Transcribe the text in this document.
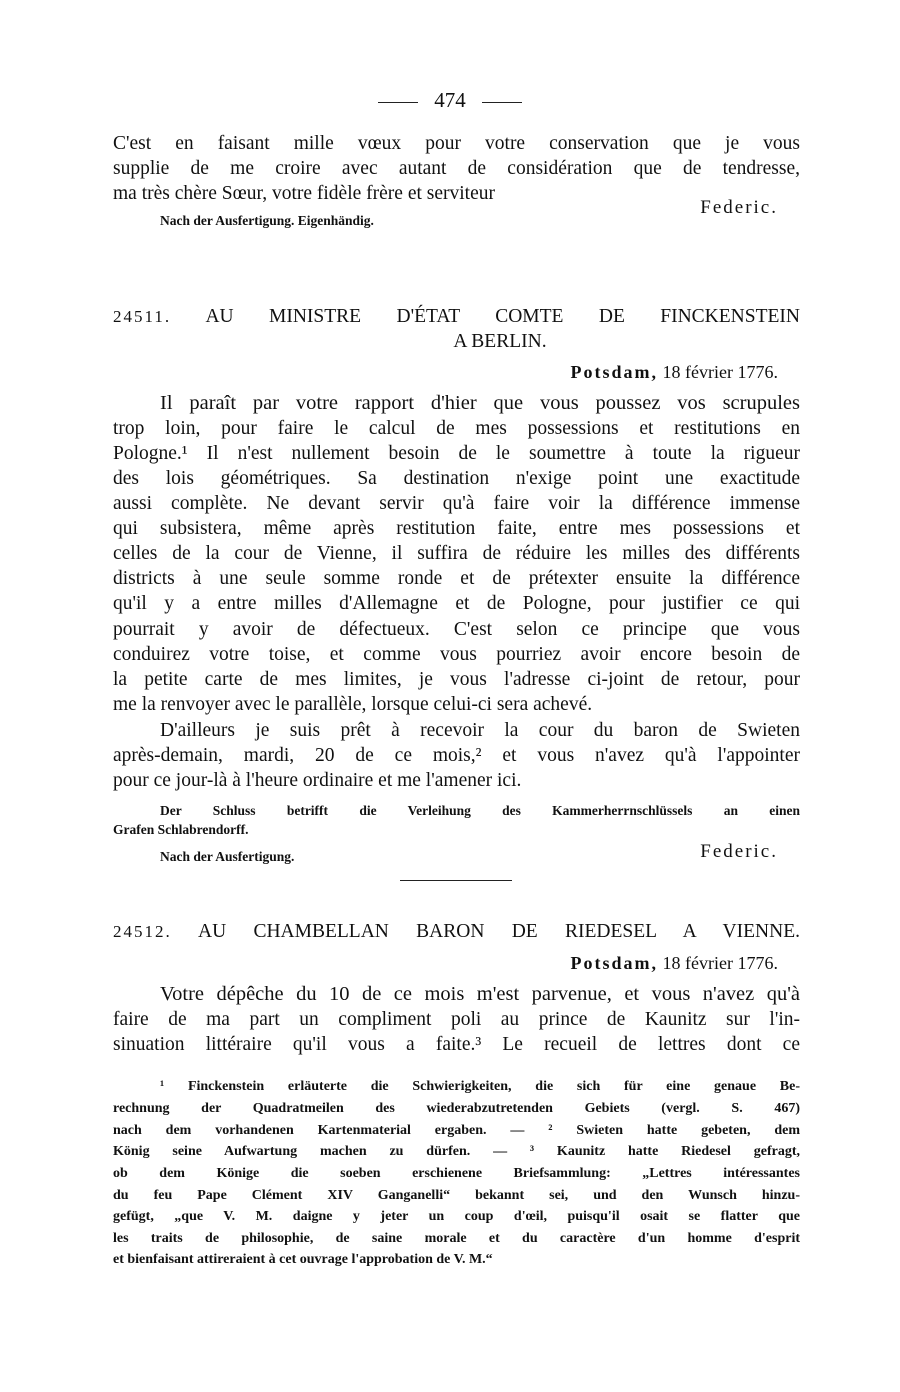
474
C'est en faisant mille vœux pour votre conservation que je vous
supplie de me croire avec autant de considération que de tendresse,
ma très chère Sœur, votre fidèle frère et serviteur
Federic.
Nach der Ausfertigung. Eigenhändig.
24511. AU MINISTRE D'ÉTAT COMTE DE FINCKENSTEIN
A BERLIN.
Potsdam, 18 février 1776.
Il paraît par votre rapport d'hier que vous poussez vos scrupules
trop loin, pour faire le calcul de mes possessions et restitutions en
Pologne.¹ Il n'est nullement besoin de le soumettre à toute la rigueur
des lois géométriques. Sa destination n'exige point une exactitude
aussi complète. Ne devant servir qu'à faire voir la différence immense
qui subsistera, même après restitution faite, entre mes possessions et
celles de la cour de Vienne, il suffira de réduire les milles des différents
districts à une seule somme ronde et de prétexter ensuite la différence
qu'il y a entre milles d'Allemagne et de Pologne, pour justifier ce qui
pourrait y avoir de défectueux. C'est selon ce principe que vous
conduirez votre toise, et comme vous pourriez avoir encore besoin de
la petite carte de mes limites, je vous l'adresse ci-joint de retour, pour
me la renvoyer avec le parallèle, lorsque celui-ci sera achevé.
D'ailleurs je suis prêt à recevoir la cour du baron de Swieten
après-demain, mardi, 20 de ce mois,² et vous n'avez qu'à l'appointer
pour ce jour-là à l'heure ordinaire et me l'amener ici.
Der Schluss betrifft die Verleihung des Kammerherrnschlüssels an einen
Grafen Schlabrendorff.
Nach der Ausfertigung.	Federic.
24512. AU CHAMBELLAN BARON DE RIEDESEL A VIENNE.
Potsdam, 18 février 1776.
Votre dépêche du 10 de ce mois m'est parvenue, et vous n'avez qu'à
faire de ma part un compliment poli au prince de Kaunitz sur l'in-
sinuation littéraire qu'il vous a faite.³ Le recueil de lettres dont ce
¹ Finckenstein erläuterte die Schwierigkeiten, die sich für eine genaue Be-
rechnung der Quadratmeilen des wiederabzutretenden Gebiets (vergl. S. 467)
nach dem vorhandenen Kartenmaterial ergaben. — ² Swieten hatte gebeten, dem
König seine Aufwartung machen zu dürfen. — ³ Kaunitz hatte Riedesel gefragt,
ob dem Könige die soeben erschienene Briefsammlung: „Lettres intéressantes
du feu Pape Clément XIV Ganganelli“ bekannt sei, und den Wunsch hinzu-
gefügt, „que V. M. daigne y jeter un coup d'œil, puisqu'il osait se flatter que
les traits de philosophie, de saine morale et du caractère d'un homme d'esprit
et bienfaisant attireraient à cet ouvrage l'approbation de V. M.“
